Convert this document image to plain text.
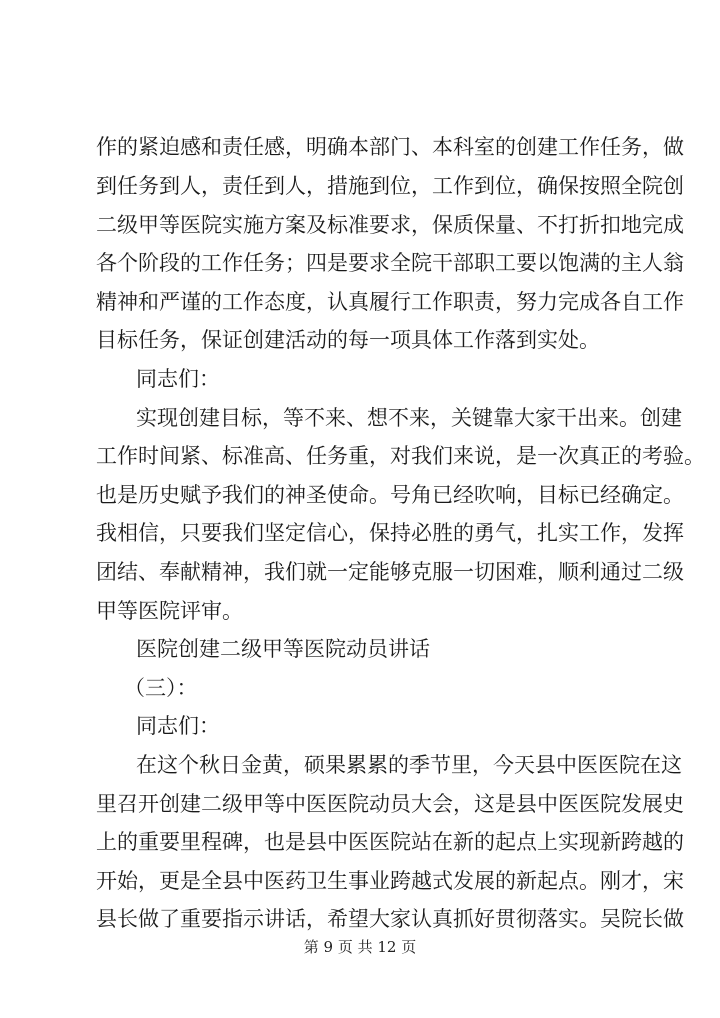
作的紧迫感和责任感，明确本部门、本科室的创建工作任务，做

到任务到人，责任到人，措施到位，工作到位，确保按照全院创

二级甲等医院实施方案及标准要求，保质保量、不打折扣地完成

各个阶段的工作任务；四是要求全院干部职工要以饱满的主人翁

精神和严谨的工作态度，认真履行工作职责，努力完成各自工作

目标任务，保证创建活动的每一项具体工作落到实处。

同志们：

实现创建目标，等不来、想不来，关键靠大家干出来。创建

工作时间紧、标准高、任务重，对我们来说，是一次真正的考验。

也是历史赋予我们的神圣使命。号角已经吹响，目标已经确定。

我相信，只要我们坚定信心，保持必胜的勇气，扎实工作，发挥

团结、奉献精神，我们就一定能够克服一切困难，顺利通过二级

甲等医院评审。

医院创建二级甲等医院动员讲话

（三）：

同志们：

在这个秋日金黄，硕果累累的季节里，今天县中医医院在这

里召开创建二级甲等中医医院动员大会，这是县中医医院发展史

上的重要里程碑，也是县中医医院站在新的起点上实现新跨越的

开始，更是全县中医药卫生事业跨越式发展的新起点。刚才，宋

县长做了重要指示讲话，希望大家认真抓好贯彻落实。吴院长做

第 9 页 共 12 页
